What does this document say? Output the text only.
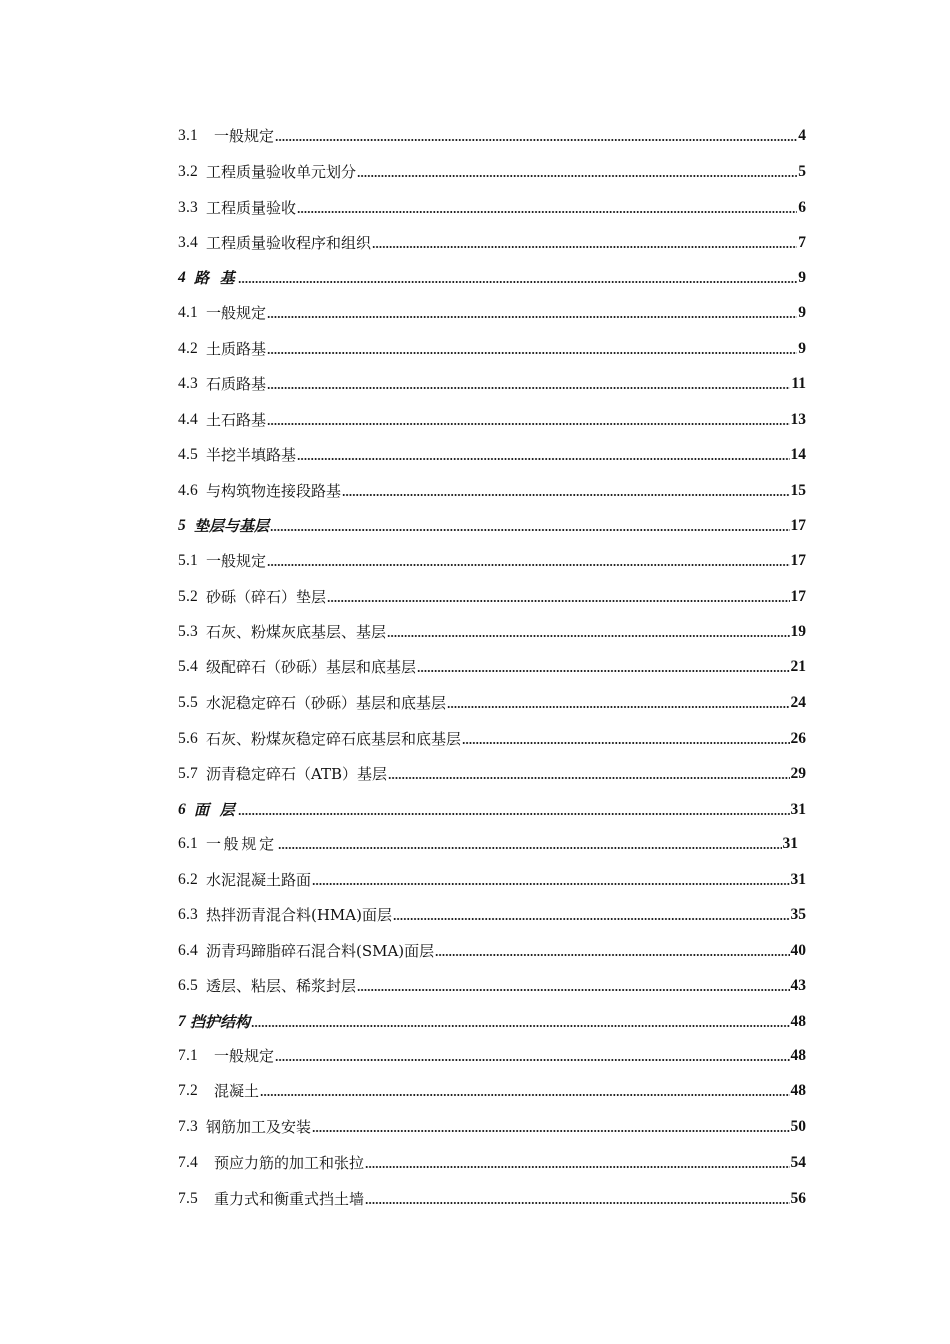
3.1 一般规定	4
3.2 工程质量验收单元划分	5
3.3 工程质量验收	6
3.4 工程质量验收程序和组织	7
4 路 基	9
4.1 一般规定	9
4.2 土质路基	9
4.3 石质路基	11
4.4 土石路基	13
4.5 半挖半填路基	14
4.6 与构筑物连接段路基	15
5 垫层与基层	17
5.1 一般规定	17
5.2 砂砾（碎石）垫层	17
5.3 石灰、粉煤灰底基层、基层	19
5.4 级配碎石（砂砾）基层和底基层	21
5.5 水泥稳定碎石（砂砾）基层和底基层	24
5.6 石灰、粉煤灰稳定碎石底基层和底基层	26
5.7 沥青稳定碎石（ATB）基层	29
6 面 层	31
6.1 一般规定	31
6.2 水泥混凝土路面	31
6.3 热拌沥青混合料(HMA)面层	35
6.4 沥青玛蹄脂碎石混合料(SMA)面层	40
6.5 透层、粘层、稀浆封层	43
7 挡护结构	48
7.1 一般规定	48
7.2 混凝土	48
7.3 钢筋加工及安装	50
7.4 预应力筋的加工和张拉	54
7.5 重力式和衡重式挡土墙	56
